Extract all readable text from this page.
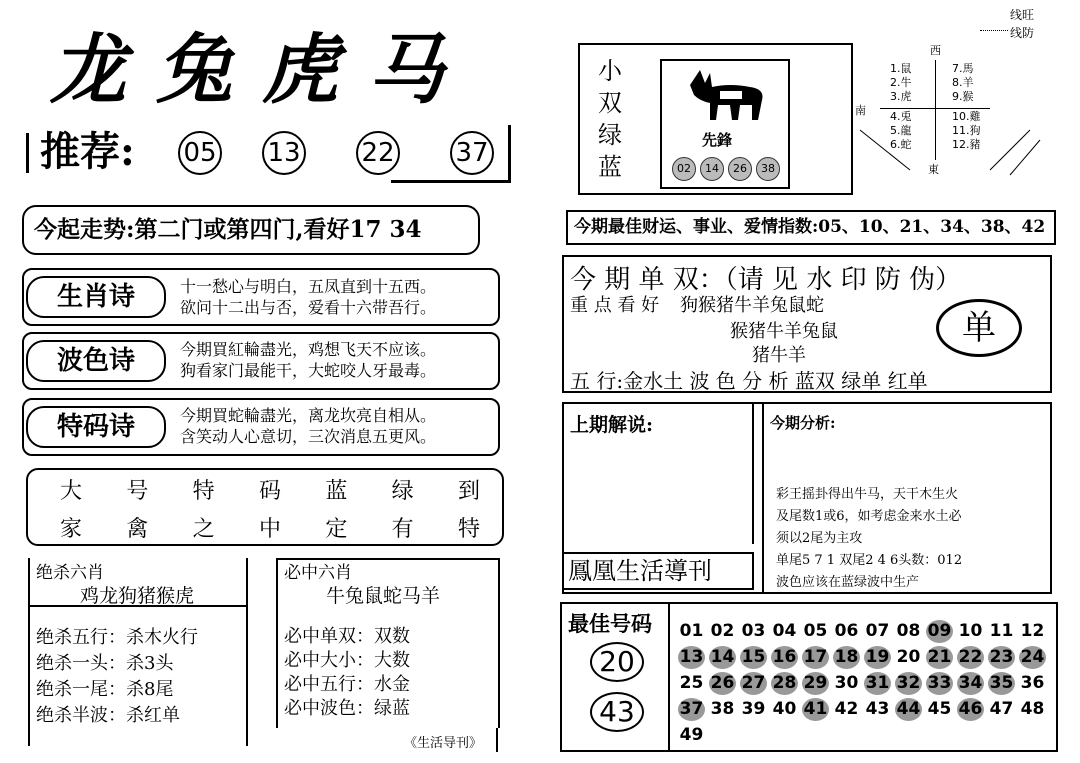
龙兔虎马
推荐: 05 13 22 37
今起走势:第二门或第四门,看好17 34
生肖诗	十一愁心与明白，五凤直到十五西。
欲问十二出与否，爱看十六带吾行。
波色诗	今期買紅輪盡光，鸡想飞天不应该。
狗看家门最能干，大蛇咬人牙最毒。
特码诗	今期買蛇輪盡光，离龙坎亮自相从。
含笑动人心意切，三次消息五更风。
大 号 特 码 蓝 绿 到
家 禽 之 中 定 有 特
绝杀六肖
鸡龙狗猪猴虎
绝杀五行：杀木火行
绝杀一头：杀3头
绝杀一尾：杀8尾
绝杀半波：杀红单
必中六肖
牛兔鼠蛇马羊
必中单双：双数
必中大小：大数
必中五行：水金
必中波色：绿蓝
《生活导刊》
线旺
线防
小
双
绿
蓝
先鋒
02	14	26	38
西
南
東
1.鼠
2.牛
3.虎
4.兎
5.龍
6.蛇
7.馬
8.羊
9.猴
10.雞
11.狗
12.豬
今期最佳财运、事业、爱情指数:05、10、21、34、38、42
今 期 单 双：（请 见 水 印 防 伪）
重 点 看 好 狗猴猪牛羊兔鼠蛇
猴猪牛羊兔鼠
猪牛羊
单
五 行:金水土 波 色 分 析 蓝双 绿单 红单
上期解说:
鳳凰生活導刊
今期分析:
彩王摇卦得出牛马，天干木生火
及尾数1或6，如考虑金来水土必
须以2尾为主攻
单尾5 7 1 双尾2 4 6头数：012
波色应该在蓝绿波中生产
最佳号码
20
43
01 02 03 04 05 06 07 08 09 10 11 12
13 14 15 16 17 18 19 20 21 22 23 24
25 26 27 28 29 30 31 32 33 34 35 36
37 38 39 40 41 42 43 44 45 46 47 48
49
